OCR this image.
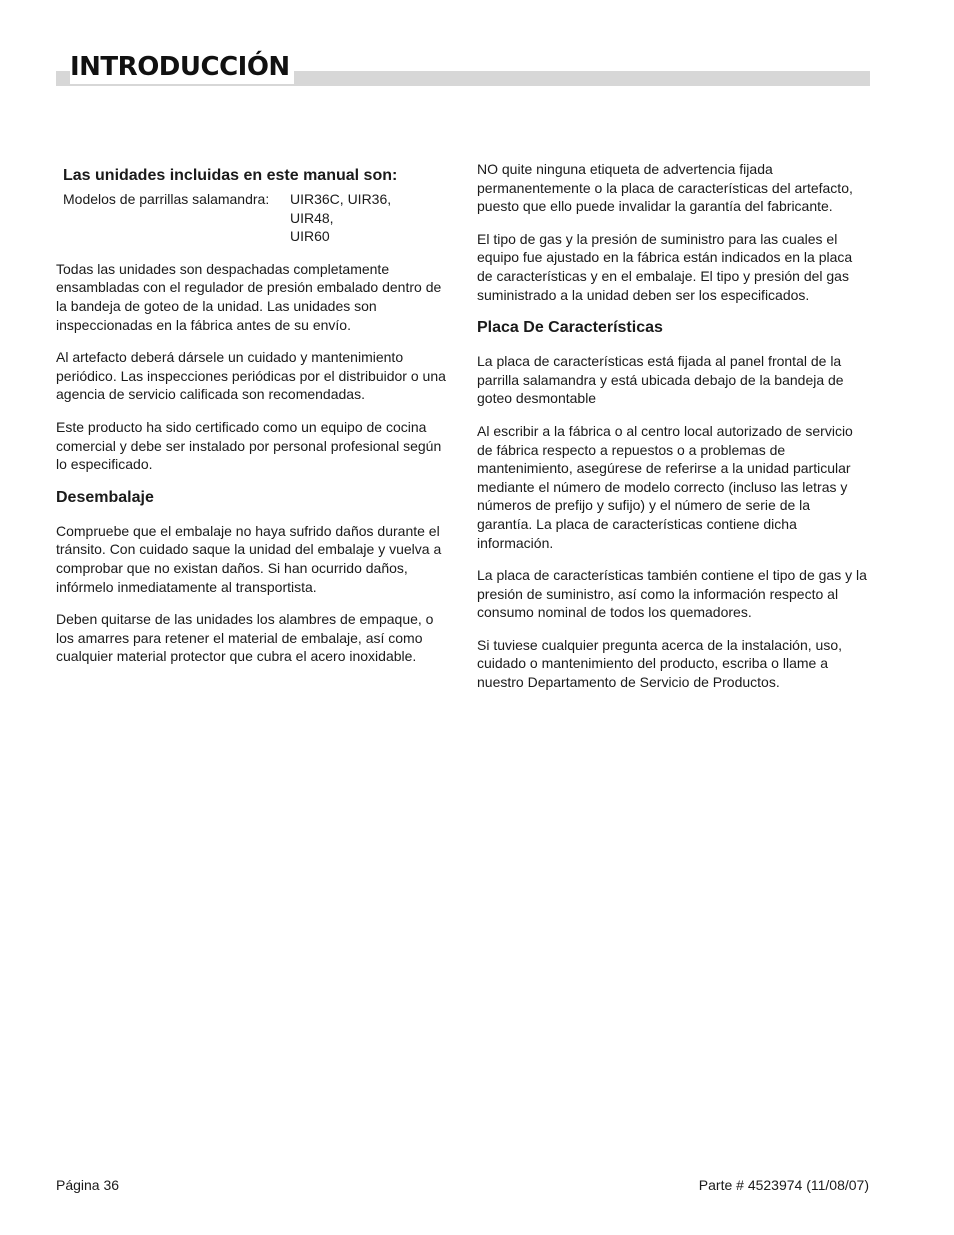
INTRODUCCIÓN
Las unidades incluidas en este manual son:
Modelos de parrillas salamandra:	UIR36C, UIR36,
UIR48,
UIR60

Todas las unidades son despachadas completamente ensambladas con el regulador de presión embalado dentro de la bandeja de goteo de la unidad. Las unidades son inspeccionadas en la fábrica antes de su envío.

Al artefacto deberá dársele un cuidado y mantenimiento periódico. Las inspecciones periódicas por el distribuidor o una agencia de servicio calificada son recomendadas.

Este producto ha sido certificado como un equipo de cocina comercial y debe ser instalado por personal profesional según lo especificado.

Desembalaje

Compruebe que el embalaje no haya sufrido daños durante el tránsito. Con cuidado saque la unidad del embalaje y vuelva a comprobar que no existan daños. Si han ocurrido daños, infórmelo inmediatamente al transportista.

Deben quitarse de las unidades los alambres de empaque, o los amarres para retener el material de embalaje, así como cualquier material protector que cubra el acero inoxidable.

NO quite ninguna etiqueta de advertencia fijada permanentemente o la placa de características del artefacto, puesto que ello puede invalidar la garantía del fabricante.

El tipo de gas y la presión de suministro para las cuales el equipo fue ajustado en la fábrica están indicados en la placa de características y en el embalaje. El tipo y presión del gas suministrado a la unidad deben ser los especificados.

Placa De Características

La placa de características está fijada al panel frontal de la parrilla salamandra y está ubicada debajo de la bandeja de goteo desmontable

Al escribir a la fábrica o al centro local autorizado de servicio de fábrica respecto a repuestos o a problemas de mantenimiento, asegúrese de referirse a la unidad particular mediante el número de modelo correcto (incluso las letras y números de prefijo y sufijo) y el número de serie de la garantía. La placa de características contiene dicha información.

La placa de características también contiene el tipo de gas y la presión de suministro, así como la información respecto al consumo nominal de todos los quemadores.

Si tuviese cualquier pregunta acerca de la instalación, uso, cuidado o mantenimiento del producto, escriba o llame a nuestro Departamento de Servicio de Productos.

Página 36	Parte # 4523974 (11/08/07)
